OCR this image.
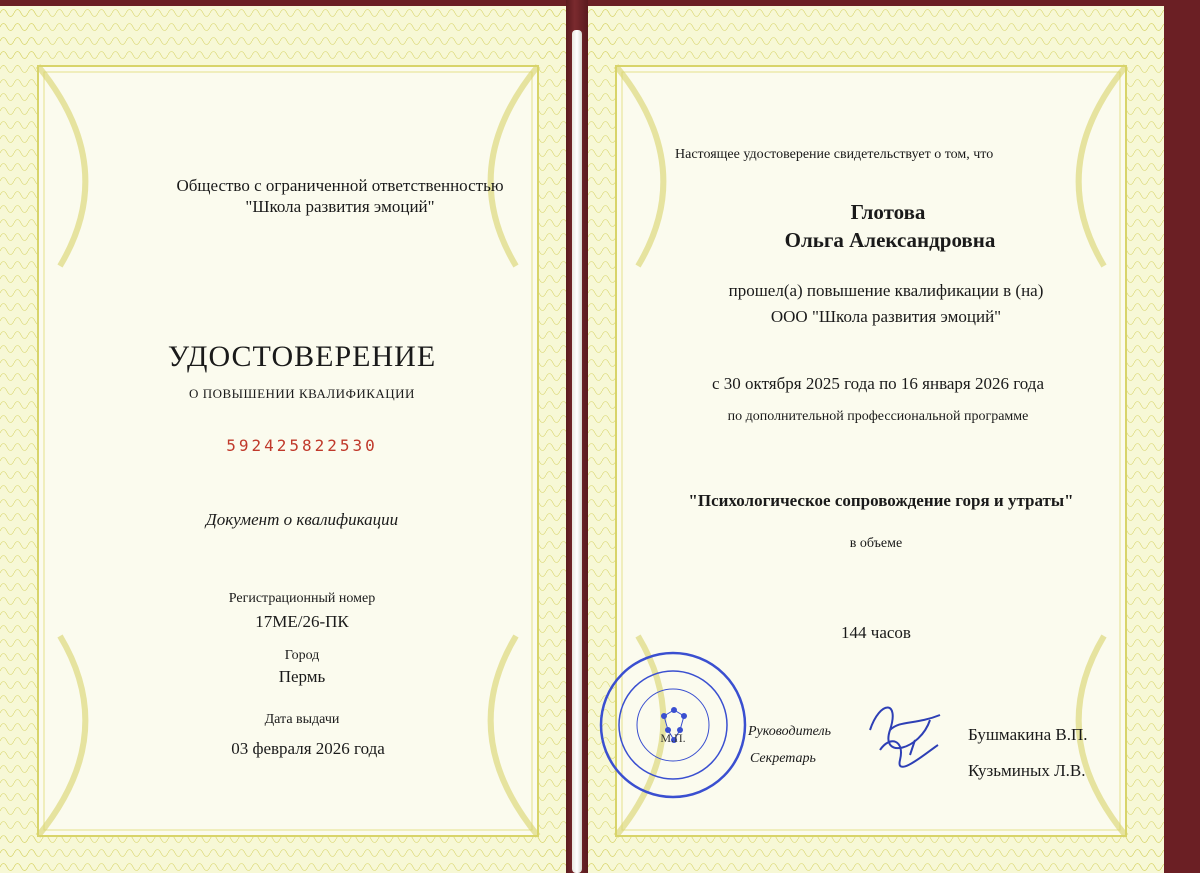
Общество с ограниченной ответственностью
"Школа развития эмоций"
УДОСТОВЕРЕНИЕ
О ПОВЫШЕНИИ КВАЛИФИКАЦИИ
592425822530
Документ о квалификации
Регистрационный номер
17МЕ/26-ПК
Город
Пермь
Дата выдачи
03 февраля 2026 года
Настоящее удостоверение свидетельствует о том, что
Глотова
Ольга Александровна
прошел(а) повышение квалификации в (на)
ООО "Школа развития эмоций"
с 30 октября 2025 года по 16 января 2026 года
по дополнительной профессиональной программе
"Психологическое сопровождение горя и утраты"
в объеме
144 часов
Руководитель
Секретарь
Бушмакина В.П.
Кузьминых Л.В.
М.П.
